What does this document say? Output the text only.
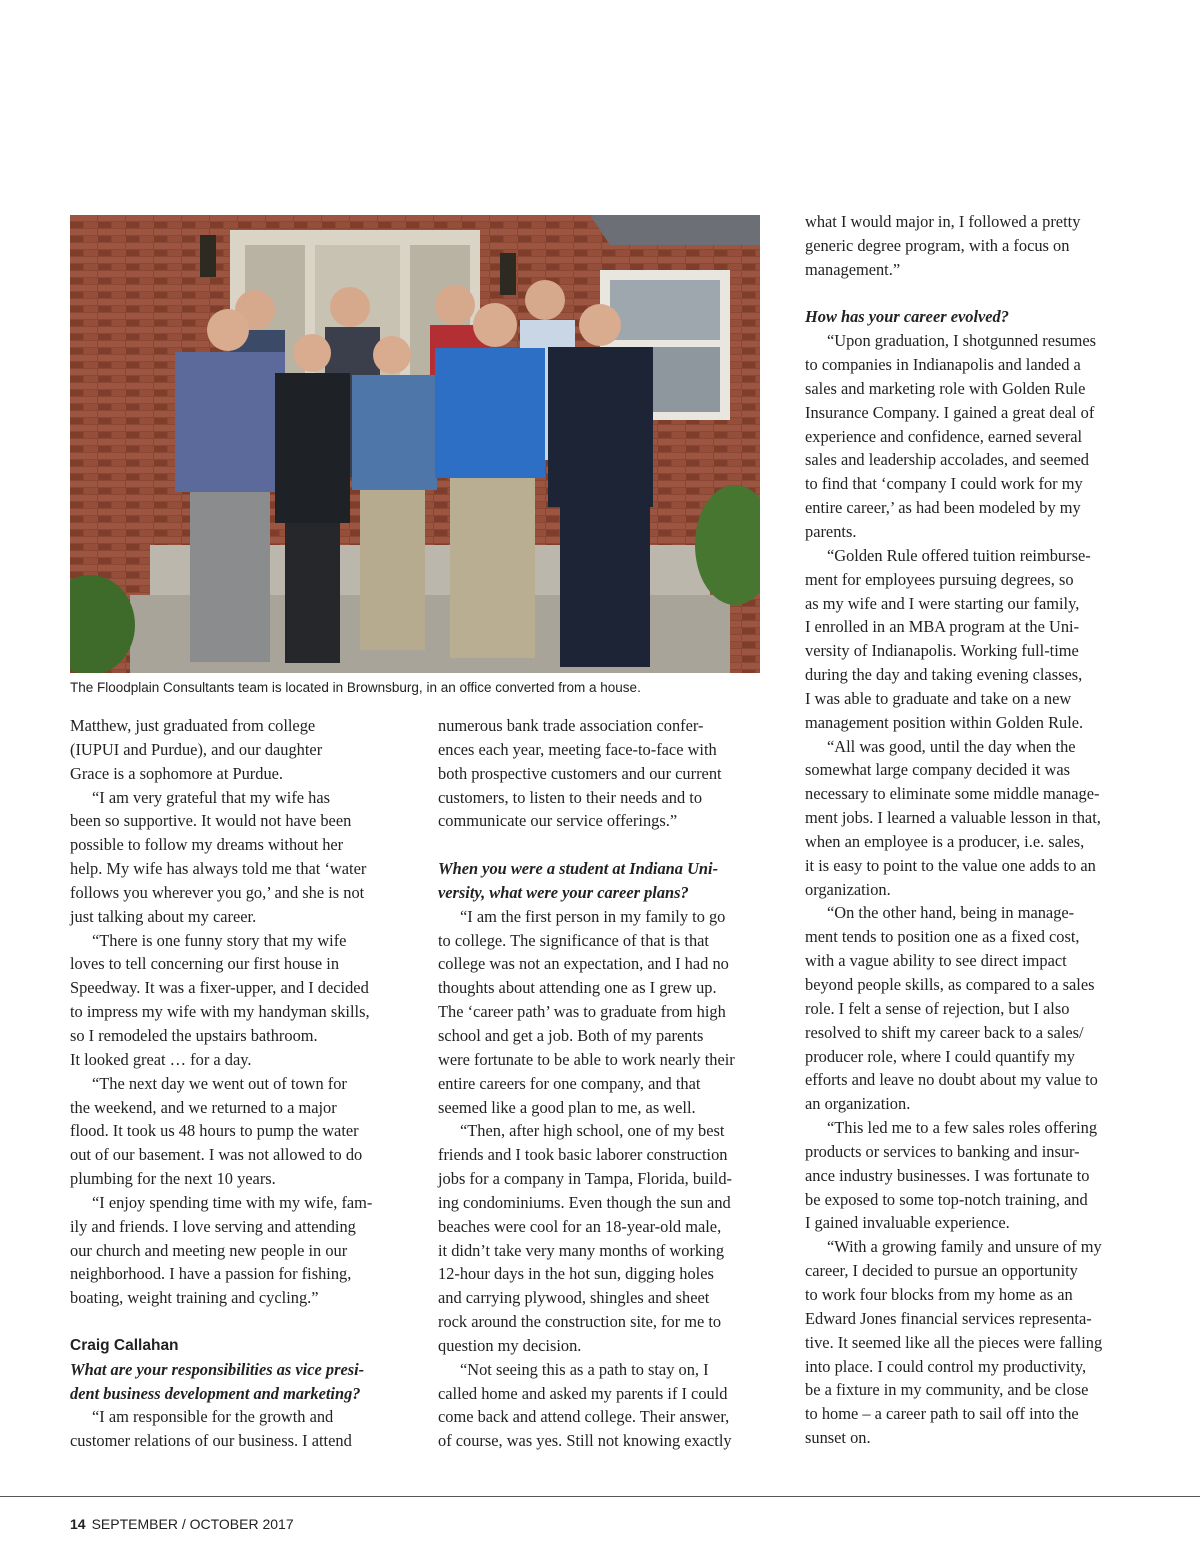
The Floodplain Consultants team is located in Brownsburg, in an office converted from a house.
Matthew, just graduated from college
(IUPUI and Purdue), and our daughter
Grace is a sophomore at Purdue.
“I am very grateful that my wife has
been so supportive. It would not have been
possible to follow my dreams without her
help. My wife has always told me that ‘water
follows you wherever you go,’ and she is not
just talking about my career.
“There is one funny story that my wife
loves to tell concerning our first house in
Speedway. It was a fixer-upper, and I decided
to impress my wife with my handyman skills,
so I remodeled the upstairs bathroom.
It looked great … for a day.
“The next day we went out of town for
the weekend, and we returned to a major
flood. It took us 48 hours to pump the water
out of our basement. I was not allowed to do
plumbing for the next 10 years.
“I enjoy spending time with my wife, fam-
ily and friends. I love serving and attending
our church and meeting new people in our
neighborhood. I have a passion for fishing,
boating, weight training and cycling.”
Craig Callahan
What are your responsibilities as vice presi-
dent business development and marketing?
“I am responsible for the growth and
customer relations of our business. I attend
numerous bank trade association confer-
ences each year, meeting face-to-face with
both prospective customers and our current
customers, to listen to their needs and to
communicate our service offerings.”
When you were a student at Indiana Uni-
versity, what were your career plans?
“I am the first person in my family to go
to college. The significance of that is that
college was not an expectation, and I had no
thoughts about attending one as I grew up.
The ‘career path’ was to graduate from high
school and get a job. Both of my parents
were fortunate to be able to work nearly their
entire careers for one company, and that
seemed like a good plan to me, as well.
“Then, after high school, one of my best
friends and I took basic laborer construction
jobs for a company in Tampa, Florida, build-
ing condominiums. Even though the sun and
beaches were cool for an 18-year-old male,
it didn’t take very many months of working
12-hour days in the hot sun, digging holes
and carrying plywood, shingles and sheet
rock around the construction site, for me to
question my decision.
“Not seeing this as a path to stay on, I
called home and asked my parents if I could
come back and attend college. Their answer,
of course, was yes. Still not knowing exactly
what I would major in, I followed a pretty
generic degree program, with a focus on
management.”
How has your career evolved?
“Upon graduation, I shotgunned resumes
to companies in Indianapolis and landed a
sales and marketing role with Golden Rule
Insurance Company. I gained a great deal of
experience and confidence, earned several
sales and leadership accolades, and seemed
to find that ‘company I could work for my
entire career,’ as had been modeled by my
parents.
“Golden Rule offered tuition reimburse-
ment for employees pursuing degrees, so
as my wife and I were starting our family,
I enrolled in an MBA program at the Uni-
versity of Indianapolis. Working full-time
during the day and taking evening classes,
I was able to graduate and take on a new
management position within Golden Rule.
“All was good, until the day when the
somewhat large company decided it was
necessary to eliminate some middle manage-
ment jobs. I learned a valuable lesson in that,
when an employee is a producer, i.e. sales,
it is easy to point to the value one adds to an
organization.
“On the other hand, being in manage-
ment tends to position one as a fixed cost,
with a vague ability to see direct impact
beyond people skills, as compared to a sales
role. I felt a sense of rejection, but I also
resolved to shift my career back to a sales/
producer role, where I could quantify my
efforts and leave no doubt about my value to
an organization.
“This led me to a few sales roles offering
products or services to banking and insur-
ance industry businesses. I was fortunate to
be exposed to some top-notch training, and
I gained invaluable experience.
“With a growing family and unsure of my
career, I decided to pursue an opportunity
to work four blocks from my home as an
Edward Jones financial services representa-
tive. It seemed like all the pieces were falling
into place. I could control my productivity,
be a fixture in my community, and be close
to home – a career path to sail off into the
sunset on.
14 SEPTEMBER / OCTOBER 2017
